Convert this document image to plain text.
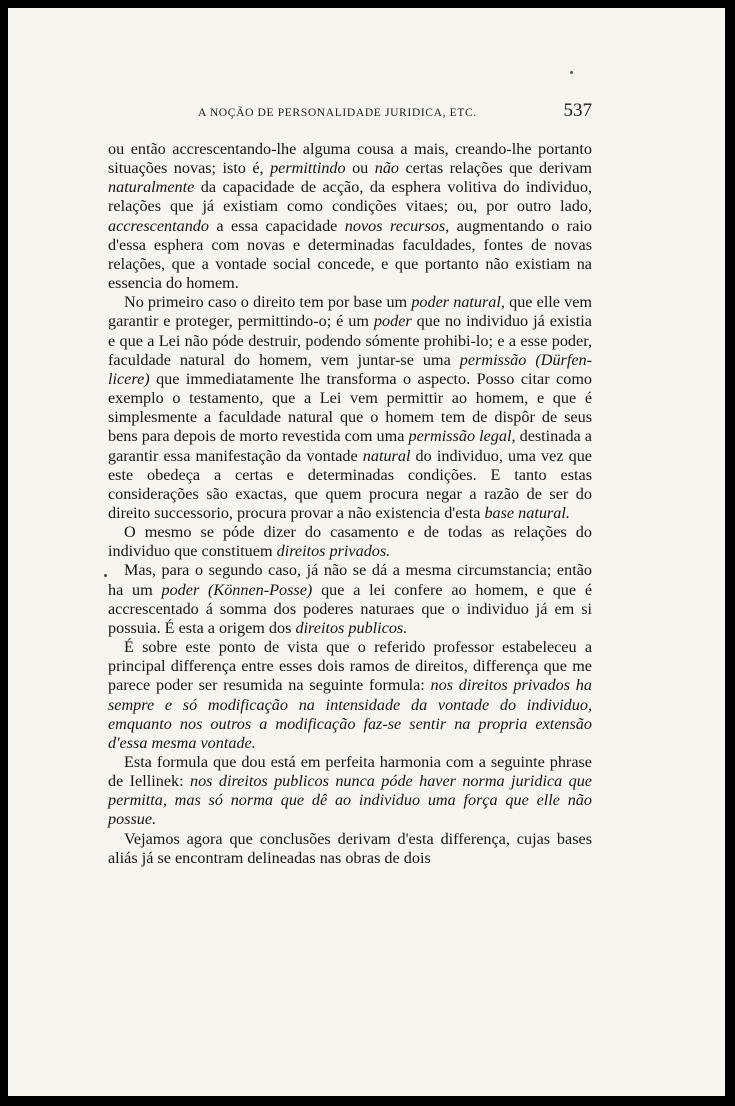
A NOÇÃO DE PERSONALIDADE JURIDICA, ETC.	537

ou então accrescentando-lhe alguma cousa a mais, creando-lhe portanto situações novas; isto é, permittindo ou não certas relações que derivam naturalmente da capacidade de acção, da esphera volitiva do individuo, relações que já existiam como condições vitaes; ou, por outro lado, accrescentando a essa capacidade novos recursos, augmentando o raio d'essa esphera com novas e determinadas faculdades, fontes de novas relações, que a vontade social concede, e que portanto não existiam na essencia do homem.

No primeiro caso o direito tem por base um poder natural, que elle vem garantir e proteger, permittindo-o; é um poder que no individuo já existia e que a Lei não póde destruir, podendo sómente prohibi-lo; e a esse poder, faculdade natural do homem, vem juntar-se uma permissão (Dürfen-licere) que immediatamente lhe transforma o aspecto. Posso citar como exemplo o testamento, que a Lei vem permittir ao homem, e que é simplesmente a faculdade natural que o homem tem de dispôr de seus bens para depois de morto revestida com uma permissão legal, destinada a garantir essa manifestação da vontade natural do individuo, uma vez que este obedeça a certas e determinadas condições. E tanto estas considerações são exactas, que quem procura negar a razão de ser do direito successorio, procura provar a não existencia d'esta base natural.

O mesmo se póde dizer do casamento e de todas as relações do individuo que constituem direitos privados.

Mas, para o segundo caso, já não se dá a mesma circumstancia; então ha um poder (Können-Posse) que a lei confere ao homem, e que é accrescentado á somma dos poderes naturaes que o individuo já em si possuia. É esta a origem dos direitos publicos.

É sobre este ponto de vista que o referido professor estabeleceu a principal differença entre esses dois ramos de direitos, differença que me parece poder ser resumida na seguinte formula: nos direitos privados ha sempre e só modificação na intensidade da vontade do individuo, emquanto nos outros a modificação faz-se sentir na propria extensão d'essa mesma vontade.

Esta formula que dou está em perfeita harmonia com a seguinte phrase de Iellinek: nos direitos publicos nunca póde haver norma juridica que permitta, mas só norma que dê ao individuo uma força que elle não possue.

Vejamos agora que conclusões derivam d'esta differença, cujas bases aliás já se encontram delineadas nas obras de dois
